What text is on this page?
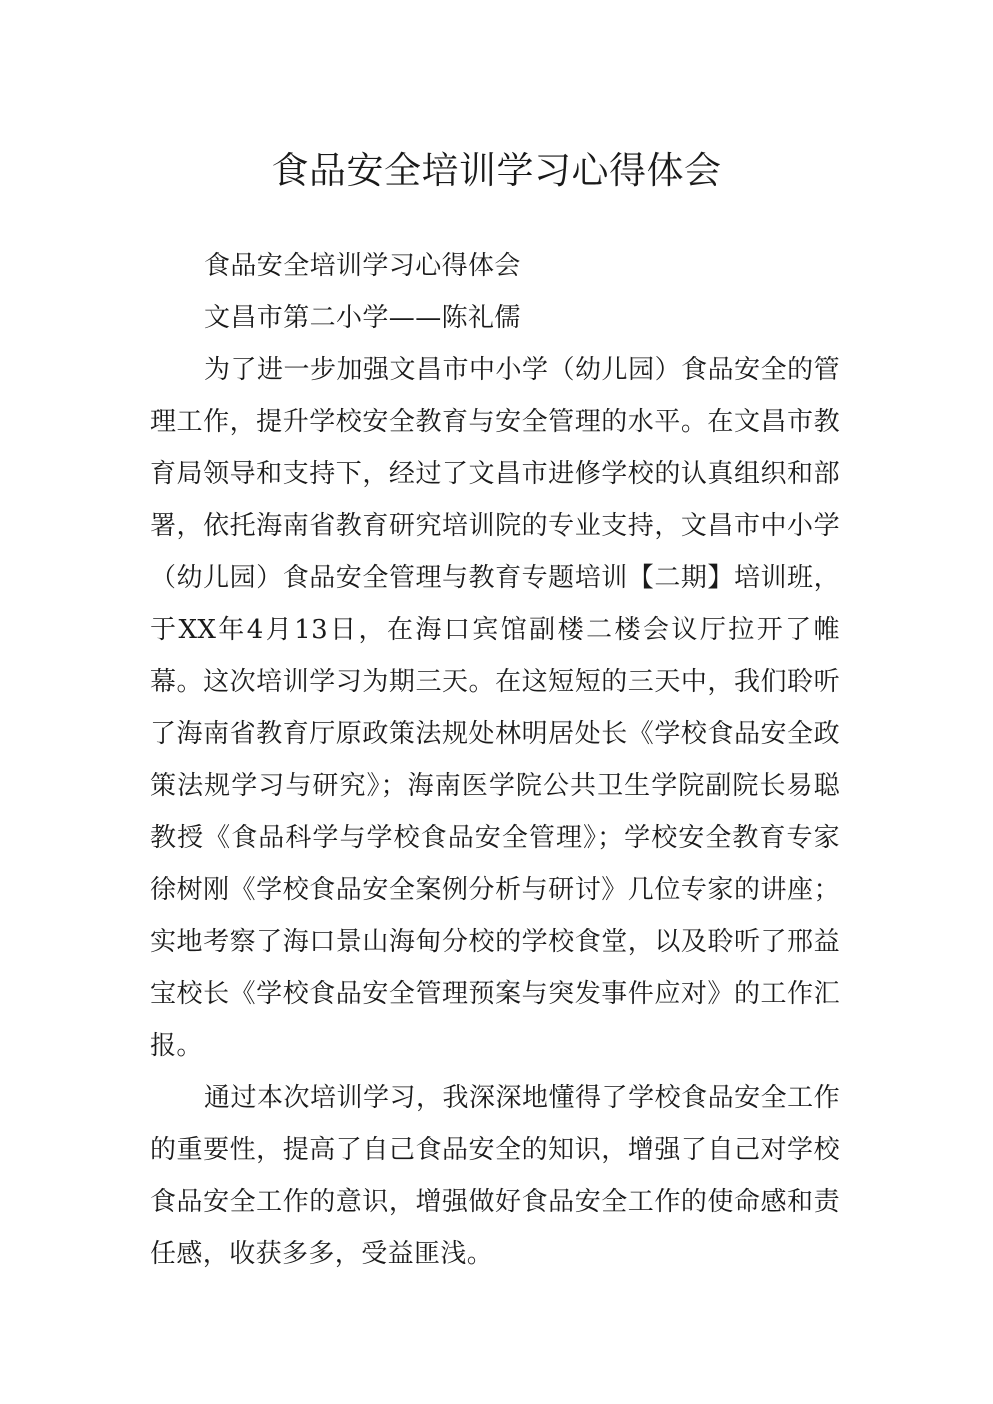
食品安全培训学习心得体会

食品安全培训学习心得体会

文昌市第二小学——陈礼儒

为了进一步加强文昌市中小学（幼儿园）食品安全的管理工作，提升学校安全教育与安全管理的水平。在文昌市教育局领导和支持下，经过了文昌市进修学校的认真组织和部署，依托海南省教育研究培训院的专业支持，文昌市中小学（幼儿园）食品安全管理与教育专题培训【二期】培训班，于XX年4月13日，在海口宾馆副楼二楼会议厅拉开了帷幕。这次培训学习为期三天。在这短短的三天中，我们聆听了海南省教育厅原政策法规处林明居处长《学校食品安全政策法规学习与研究》；海南医学院公共卫生学院副院长易聪教授《食品科学与学校食品安全管理》；学校安全教育专家徐树刚《学校食品安全案例分析与研讨》几位专家的讲座；实地考察了海口景山海甸分校的学校食堂，以及聆听了邢益宝校长《学校食品安全管理预案与突发事件应对》的工作汇报。

通过本次培训学习，我深深地懂得了学校食品安全工作的重要性，提高了自己食品安全的知识，增强了自己对学校食品安全工作的意识，增强做好食品安全工作的使命感和责任感，收获多多，受益匪浅。
